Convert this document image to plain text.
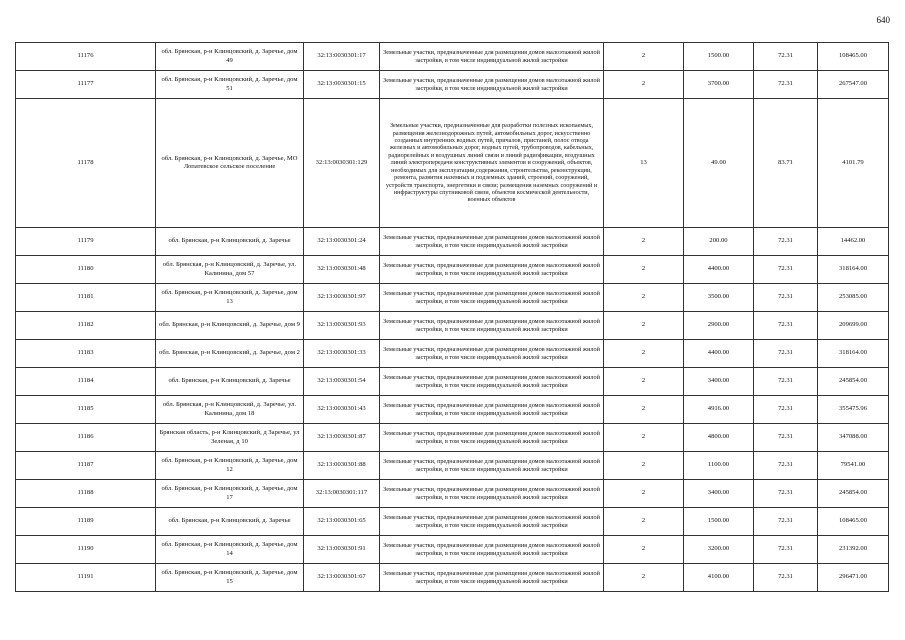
640
11176	обл. Брянская, р-н Клинцовский, д. Заречье, дом 49	32:13:0030301:17	Земельные участки, предназначенные для размещения домов малоэтажной жилой застройки, в том числе индивидуальной жилой застройки	2	1500.00	72.31	108465.00
11177	обл. Брянская, р-н Клинцовский, д. Заречье, дом 51	32:13:0030301:15	Земельные участки, предназначенные для размещения домов малоэтажной жилой застройки, в том числе индивидуальной жилой застройки	2	3700.00	72.31	267547.00
11178	обл. Брянская, р-н Клинцовский, д. Заречье, МО Лопатевское сельское поселение	32:13:0030301:129	Земельные участки, предназначенные для разработки полезных ископаемых, размещения железнодорожных путей, автомобильных дорог, искусственно созданных внутренних водных путей, причалов, пристаней, полос отвода железных и автомобильных дорог, водных путей, трубопроводов, кабельных, радиорелейных и воздушных линий связи и линий радиофикации, воздушных линий электропередачи конструктивных элементов и сооружений, объектов, необходимых для эксплуатации,содержания, строительства, реконструкции, ремонта, развития наземных и подземных зданий, строений, сооружений, устройств транспорта, энергетики и связи; размещения наземных сооружений и инфраструктуры спутниковой связи, объектов космической деятельности, военных объектов	13	49.00	83.71	4101.79
11179	обл. Брянская, р-н Клинцовский, д. Заречье	32:13:0030301:24	Земельные участки, предназначенные для размещения домов малоэтажной жилой застройки, в том числе индивидуальной жилой застройки	2	200.00	72.31	14462.00
11180	обл. Брянская, р-н Клинцовский, д. Заречье, ул. Калинина, дом 57	32:13:0030301:48	Земельные участки, предназначенные для размещения домов малоэтажной жилой застройки, в том числе индивидуальной жилой застройки	2	4400.00	72.31	318164.00
11181	обл. Брянская, р-н Клинцовский, д. Заречье, дом 13	32:13:0030301:97	Земельные участки, предназначенные для размещения домов малоэтажной жилой застройки, в том числе индивидуальной жилой застройки	2	3500.00	72.31	253085.00
11182	обл. Брянская, р-н Клинцовский, д. Заречье, дом 9	32:13:0030301:93	Земельные участки, предназначенные для размещения домов малоэтажной жилой застройки, в том числе индивидуальной жилой застройки	2	2900.00	72.31	209699.00
11183	обл. Брянская, р-н Клинцовский, д. Заречье, дом 2	32:13:0030301:33	Земельные участки, предназначенные для размещения домов малоэтажной жилой застройки, в том числе индивидуальной жилой застройки	2	4400.00	72.31	318164.00
11184	обл. Брянская, р-н Клинцовский, д. Заречье	32:13:0030301:54	Земельные участки, предназначенные для размещения домов малоэтажной жилой застройки, в том числе индивидуальной жилой застройки	2	3400.00	72.31	245854.00
11185	обл. Брянская, р-н Клинцовский, д. Заречье, ул. Калинина, дом 18	32:13:0030301:43	Земельные участки, предназначенные для размещения домов малоэтажной жилой застройки, в том числе индивидуальной жилой застройки	2	4916.00	72.31	355475.96
11186	Брянская область, р-н Клинцовский, д Заречье, ул Зеленая, д 10	32:13:0030301:87	Земельные участки, предназначенные для размещения домов малоэтажной жилой застройки, в том числе индивидуальной жилой застройки	2	4800.00	72.31	347088.00
11187	обл. Брянская, р-н Клинцовский, д. Заречье, дом 12	32:13:0030301:88	Земельные участки, предназначенные для размещения домов малоэтажной жилой застройки, в том числе индивидуальной жилой застройки	2	1100.00	72.31	79541.00
11188	обл. Брянская, р-н Клинцовский, д. Заречье, дом 17	32:13:0030301:117	Земельные участки, предназначенные для размещения домов малоэтажной жилой застройки, в том числе индивидуальной жилой застройки	2	3400.00	72.31	245854.00
11189	обл. Брянская, р-н Клинцовский, д. Заречье	32:13:0030301:65	Земельные участки, предназначенные для размещения домов малоэтажной жилой застройки, в том числе индивидуальной жилой застройки	2	1500.00	72.31	108465.00
11190	обл. Брянская, р-н Клинцовский, д. Заречье, дом 14	32:13:0030301:91	Земельные участки, предназначенные для размещения домов малоэтажной жилой застройки, в том числе индивидуальной жилой застройки	2	3200.00	72.31	231392.00
11191	обл. Брянская, р-н Клинцовский, д. Заречье, дом 15	32:13:0030301:67	Земельные участки, предназначенные для размещения домов малоэтажной жилой застройки, в том числе индивидуальной жилой застройки	2	4100.00	72.31	296471.00
